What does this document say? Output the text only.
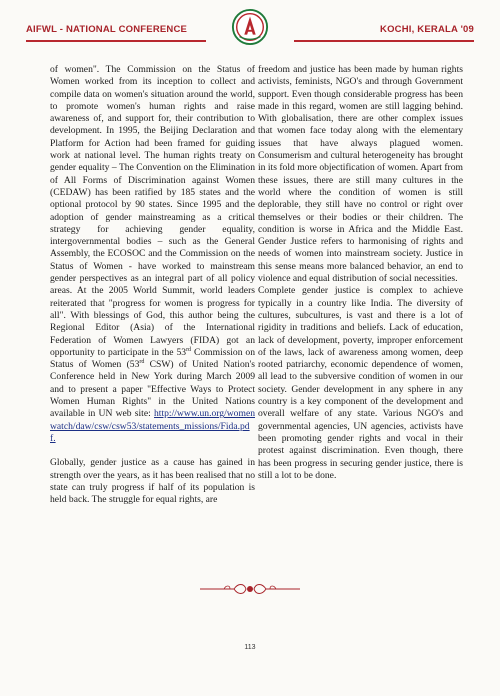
AIFWL - NATIONAL CONFERENCE	KOCHI, KERALA '09

of women". The Commission on the Status of Women worked from its inception to collect and compile data on women's situation around the world, to promote women's human rights and raise awareness of, and support for, their contribution to development. In 1995, the Beijing Declaration and Platform for Action had been framed for guiding work at national level. The human rights treaty on gender equality – The Convention on the Elimination of All Forms of Discrimination against Women (CEDAW) has been ratified by 185 states and the optional protocol by 90 states. Since 1995 and the adoption of gender mainstreaming as a critical strategy for achieving gender equality, intergovernmental bodies – such as the General Assembly, the ECOSOC and the Commission on the Status of Women - have worked to mainstream gender perspectives as an integral part of all policy areas. At the 2005 World Summit, world leaders reiterated that "progress for women is progress for all". With blessings of God, this author being the Regional Editor (Asia) of the International Federation of Women Lawyers (FIDA) got an opportunity to participate in the 53rd Commission on Status of Women (53rd CSW) of United Nation's Conference held in New York during March 2009 and to present a paper "Effective Ways to Protect Women Human Rights" in the United Nations available in UN web site: http://www.un.org/womenwatch/daw/csw/csw53/statements_missions/Fida.pdf.

Globally, gender justice as a cause has gained in strength over the years, as it has been realised that no state can truly progress if half of its population is held back. The struggle for equal rights, are

freedom and justice has been made by human rights activists, feminists, NGO's and through Government support. Even though considerable progress has been made in this regard, women are still lagging behind. With globalisation, there are other complex issues that women face today along with the elementary issues that have always plagued women. Consumerism and cultural heterogeneity has brought in its fold more objectification of women. Apart from these issues, there are still many cultures in the world where the condition of women is still deplorable, they still have no control or right over themselves or their bodies or their children. The condition is worse in Africa and the Middle East. Gender Justice refers to harmonising of rights and needs of women into mainstream society. Justice in this sense means more balanced behavior, an end to violence and equal distribution of social necessities.

Complete gender justice is complex to achieve typically in a country like India. The diversity of cultures, subcultures, is vast and there is a lot of rigidity in traditions and beliefs. Lack of education, lack of development, poverty, improper enforcement of the laws, lack of awareness among women, deep rooted patriarchy, economic dependence of women, all lead to the subversive condition of women in our society. Gender development in any sphere in any country is a key component of the development and overall welfare of any state. Various NGO's and governmental agencies, UN agencies, activists have been promoting gender rights and vocal in their protest against discrimination. Even though, there has been progress in securing gender justice, there is still a lot to be done.

113
